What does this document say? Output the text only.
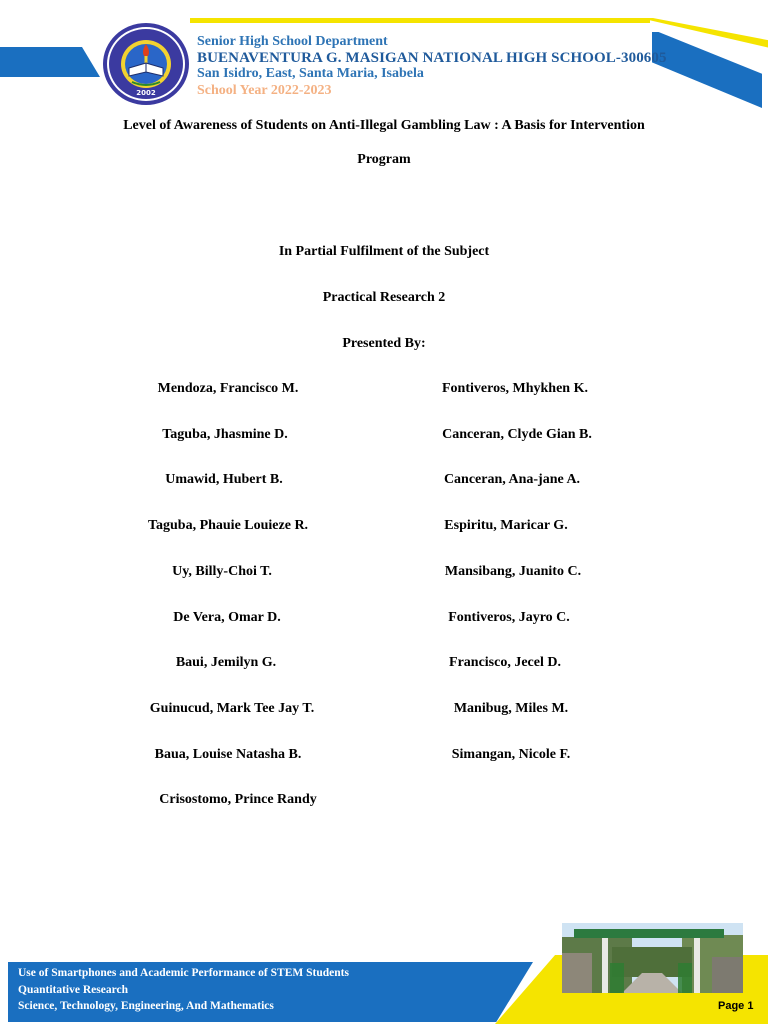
2002
Senior High School Department
BUENAVENTURA G. MASIGAN NATIONAL HIGH SCHOOL-300605
San Isidro, East, Santa Maria, Isabela
School Year 2022-2023
Level of Awareness of Students on Anti-Illegal Gambling Law : A Basis for Intervention
Program
In Partial Fulfilment of the Subject
Practical Research 2
Presented By:
Mendoza, Francisco M.
Taguba, Jhasmine D.
Umawid, Hubert B.
Taguba, Phauie Louieze R.
Uy, Billy-Choi T.
De Vera, Omar D.
Baui, Jemilyn G.
Guinucud, Mark Tee Jay T.
Baua, Louise Natasha B.
Crisostomo, Prince Randy
Fontiveros, Mhykhen K.
Canceran, Clyde Gian B.
Canceran, Ana-jane A.
Espiritu, Maricar G.
Mansibang, Juanito C.
Fontiveros, Jayro C.
Francisco, Jecel D.
Manibug, Miles M.
Simangan, Nicole F.
Use of Smartphones and Academic Performance of STEM Students
Quantitative Research
Science, Technology, Engineering, And Mathematics	Page 1
